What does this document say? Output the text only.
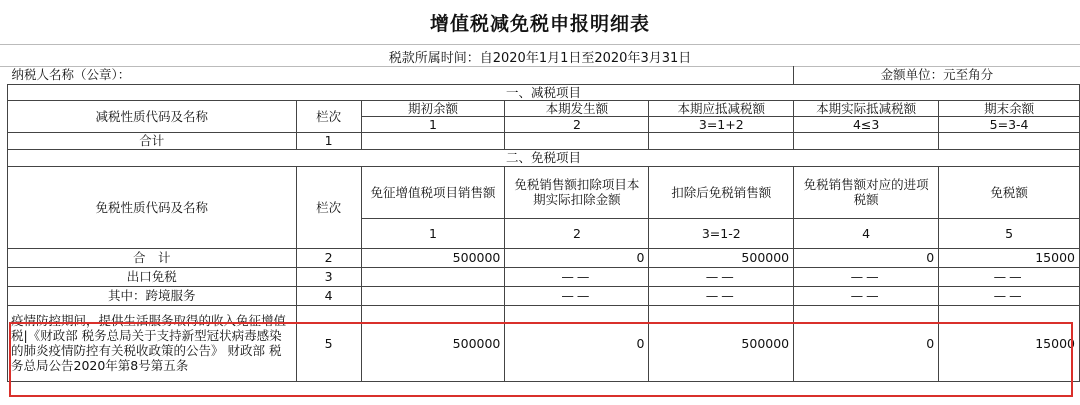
增值税减免税申报明细表
税款所属时间：自2020年1月1日至2020年3月31日
纳税人名称（公章）：					金额单位：元至角分	
一、减税项目						
减税性质代码及名称	栏次	期初余额	本期发生额	本期应抵减税额	本期实际抵减税额	期末余额
		1	2	3=1+2	4≤3	5=3-4
合计	1					
二、免税项目						
免税性质代码及名称	栏次	免征增值税项目销售额	免税销售额扣除项目本期实际扣除金额	扣除后免税销售额	免税销售额对应的进项税额	免税额
		1	2	3=1-2	4	5
合　计	2	500000	0	500000	0	15000
出口免税	3		——	——	——	——
其中：跨境服务	4		——	——	——	——
疫情防控期间，提供生活服务取得的收入免征增值税|《财政部 税务总局关于支持新型冠状病毒感染的肺炎疫情防控有关税收政策的公告》 财政部 税务总局公告2020年第8号第五条	5	500000	0	500000	0	15000
